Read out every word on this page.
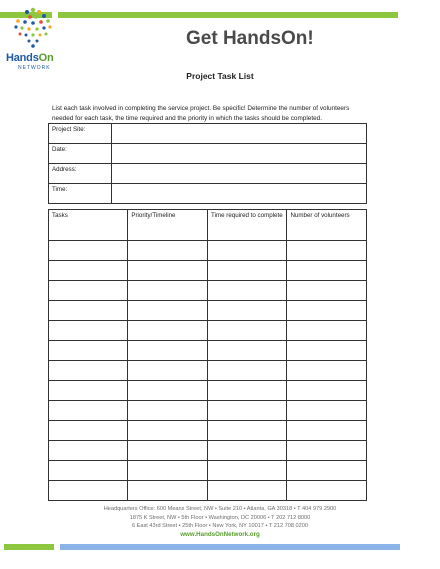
HandsOn
NETWORK
Get HandsOn!
Project Task List
List each task involved in completing the service project. Be specific! Determine the number of volunteers
needed for each task, the time required and the priority in which the tasks should be completed.
Project Site:	
Date:	
Address:	
Time:	
Tasks	Priority/Timeline	Time required to complete	Number of volunteers

Headquarters Office: 600 Means Street, NW • Suite 210 • Atlanta, GA 30318 • T 404 979 2900
1875 K Street, NW • 5th Floor • Washington, DC 20006 • T 202 712 8000
6 East 43rd Street • 25th Floor • New York, NY 10017 • T 212 708 0200
www.HandsOnNetwork.org
